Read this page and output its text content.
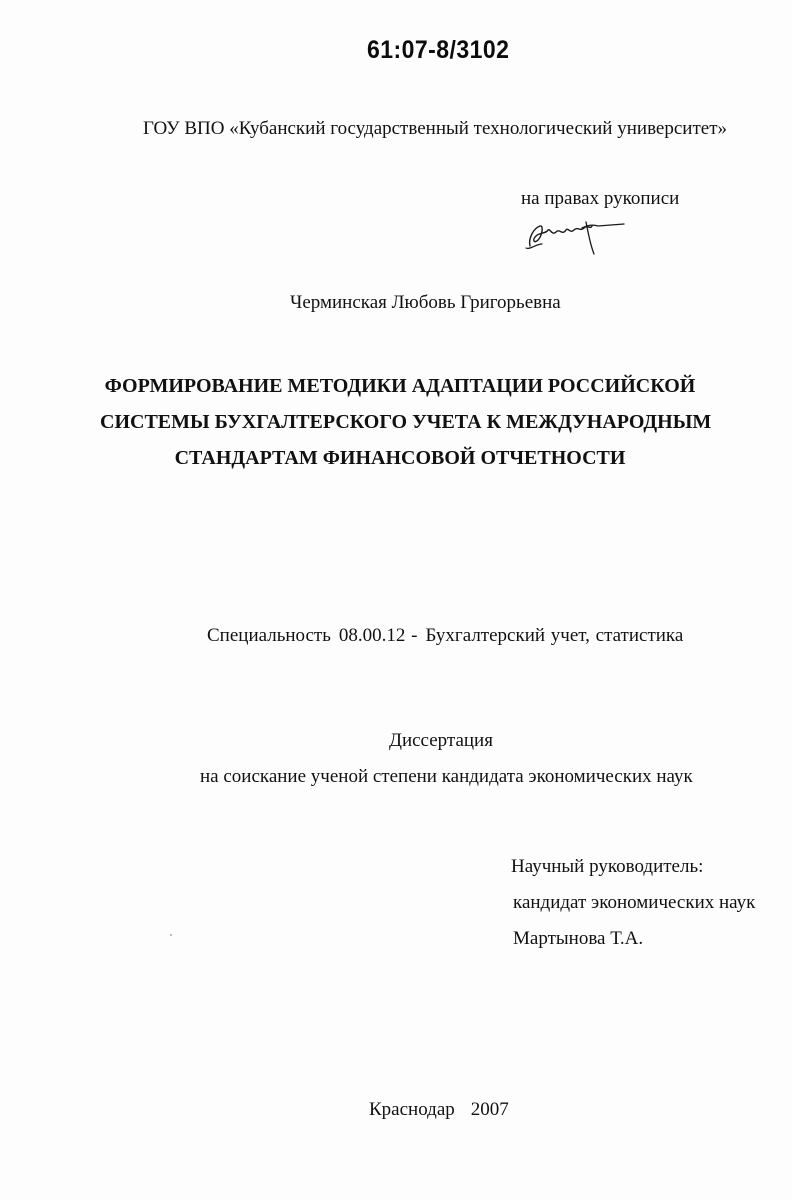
61:07-8/3102
ГОУ ВПО «Кубанский государственный технологический университет»
на правах рукописи
Черминская Любовь Григорьевна
ФОРМИРОВАНИЕ МЕТОДИКИ АДАПТАЦИИ РОССИЙСКОЙ
СИСТЕМЫ БУХГАЛТЕРСКОГО УЧЕТА К МЕЖДУНАРОДНЫМ
СТАНДАРТАМ ФИНАНСОВОЙ ОТЧЕТНОСТИ
Специальность 08.00.12 - Бухгалтерский учет, статистика
Диссертация
на соискание ученой степени кандидата экономических наук
Научный руководитель:
кандидат экономических наук
Мартынова Т.А.
Краснодар 2007
